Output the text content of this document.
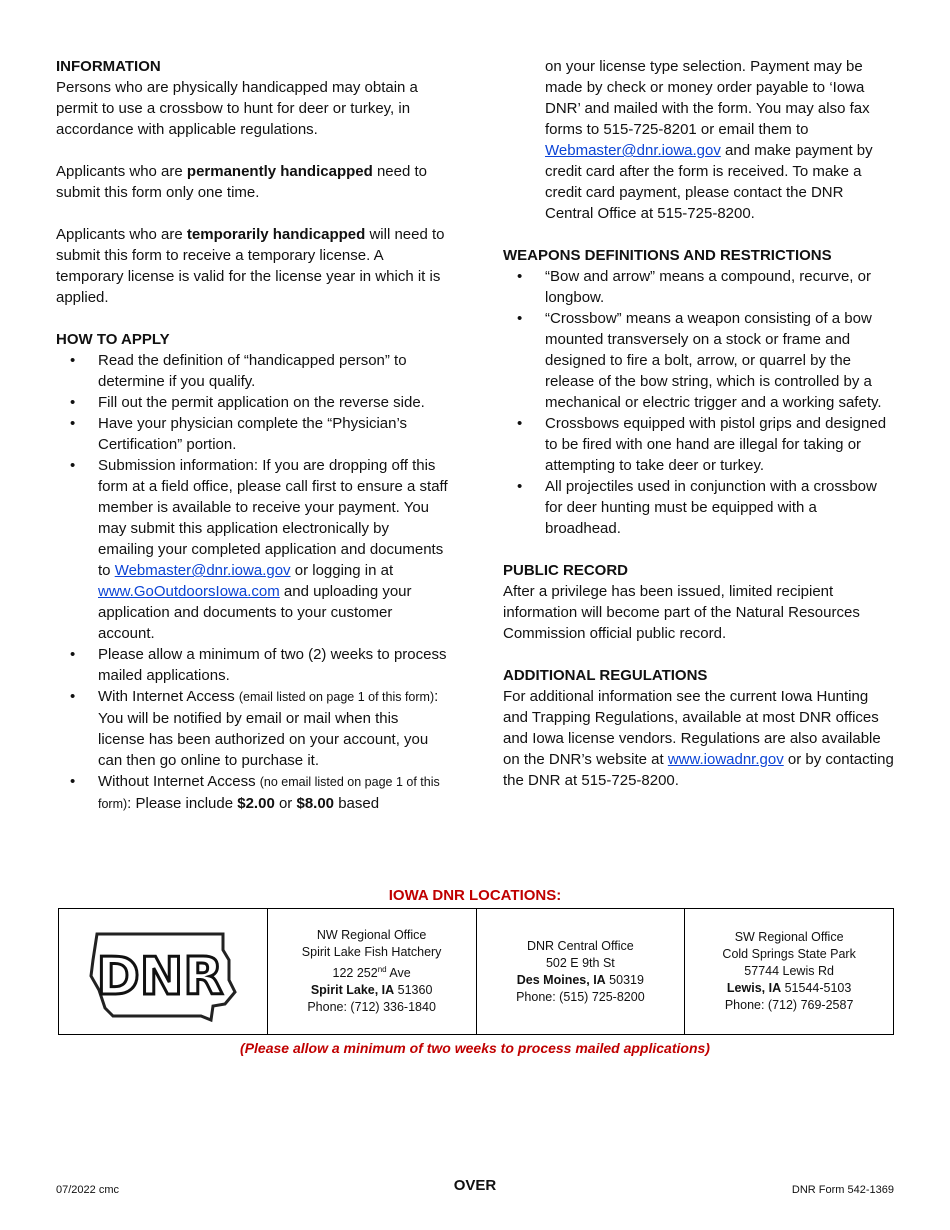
INFORMATION

Persons who are physically handicapped may obtain a permit to use a crossbow to hunt for deer or turkey, in accordance with applicable regulations.

Applicants who are permanently handicapped need to submit this form only one time.

Applicants who are temporarily handicapped will need to submit this form to receive a temporary license. A temporary license is valid for the license year in which it is applied.

HOW TO APPLY

• Read the definition of “handicapped person” to determine if you qualify.
• Fill out the permit application on the reverse side.
• Have your physician complete the “Physician’s Certification” portion.
• Submission information: If you are dropping off this form at a field office, please call first to ensure a staff member is available to receive your payment. You may submit this application electronically by emailing your completed application and documents to Webmaster@dnr.iowa.gov or logging in at www.GoOutdoorsIowa.com and uploading your application and documents to your customer account.
• Please allow a minimum of two (2) weeks to process mailed applications.
• With Internet Access (email listed on page 1 of this form): You will be notified by email or mail when this license has been authorized on your account, you can then go online to purchase it.
• Without Internet Access (no email listed on page 1 of this form): Please include $2.00 or $8.00 based

on your license type selection. Payment may be made by check or money order payable to ‘Iowa DNR’ and mailed with the form. You may also fax forms to 515-725-8201 or email them to Webmaster@dnr.iowa.gov and make payment by credit card after the form is received. To make a credit card payment, please contact the DNR Central Office at 515-725-8200.

WEAPONS DEFINITIONS AND RESTRICTIONS

• “Bow and arrow” means a compound, recurve, or longbow.
• “Crossbow” means a weapon consisting of a bow mounted transversely on a stock or frame and designed to fire a bolt, arrow, or quarrel by the release of the bow string, which is controlled by a mechanical or electric trigger and a working safety.
• Crossbows equipped with pistol grips and designed to be fired with one hand are illegal for taking or attempting to take deer or turkey.
• All projectiles used in conjunction with a crossbow for deer hunting must be equipped with a broadhead.

PUBLIC RECORD

After a privilege has been issued, limited recipient information will become part of the Natural Resources Commission official public record.

ADDITIONAL REGULATIONS

For additional information see the current Iowa Hunting and Trapping Regulations, available at most DNR offices and Iowa license vendors. Regulations are also available on the DNR’s website at www.iowadnr.gov or by contacting the DNR at 515-725-8200.

IOWA DNR LOCATIONS:
DNR
NW Regional Office
Spirit Lake Fish Hatchery
122 252nd Ave
Spirit Lake, IA 51360
Phone: (712) 336-1840
DNR Central Office
502 E 9th St
Des Moines, IA 50319
Phone: (515) 725-8200
SW Regional Office
Cold Springs State Park
57744 Lewis Rd
Lewis, IA 51544-5103
Phone: (712) 769-2587
(Please allow a minimum of two weeks to process mailed applications)
07/2022 cmc	OVER	DNR Form 542-1369
